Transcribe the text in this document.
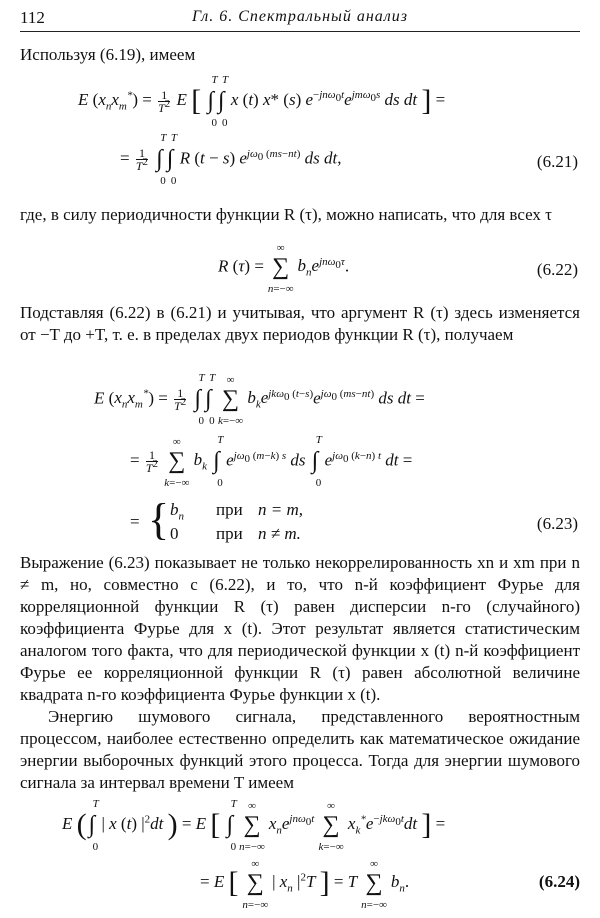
112	Гл. 6. Спектральный анализ

Используя (6.19), имеем

E $(x_nx_m^*) = \frac{1}{T^2}$ E [ ∫
0
T
∫
0
T
x (t) x* (s) $e^{-jn\omega_0t}e^{jm\omega_0s}$ ds dt ] =
= $\frac{1}{T^2}$ ∫
0
T
∫
0
T
R (t − s) $e^{j\omega_0 (ms-nt)}$ ds dt,	(6.21)

где, в силу периодичности функции R (τ), можно написать, что для всех τ

R (τ) = ∑
∞
n=−∞
$b_ne^{jn\omega_0\tau}$.	(6.22)

Подставляя (6.22) в (6.21) и учитывая, что аргумент R (τ) здесь изменяется от −T до +T, т. е. в пределах двух периодов функции R (τ), получаем

E $(x_nx_m^*) = \frac{1}{T^2}$ ∫
0
T
∫
0
T
∑
∞
k=−∞
$b_ke^{jk\omega_0 (t-s)}e^{j\omega_0 (ms-nt)}$ ds dt =
= $\frac{1}{T^2}$ ∑
∞
k=−∞
$b_k$ ∫
0
T
$e^{j\omega_0 (m-k) s}$ ds ∫
0
T
$e^{j\omega_0 (k-n) t}$ dt =
= { $b_n$ при n = m,
0 при n ≠ m.
(6.23)

Выражение (6.23) показывает не только некоррелированность xn и xm при n ≠ m, но, совместно с (6.22), и то, что n-й коэффициент Фурье для корреляционной функции R (τ) равен дисперсии n-го (случайного) коэффициента Фурье для x (t). Этот результат является статистическим аналогом того факта, что для периодической функции x (t) n-й коэффициент Фурье ее корреляционной функции R (τ) равен абсолютной величине квадрата n-го коэффициента Фурье функции x (t).

Энергию шумового сигнала, представленного вероятностным процессом, наиболее естественно определить как математическое ожидание энергии выборочных функций этого процесса. Тогда для энергии шумового сигнала за интервал времени T имеем

E (∫
0
T
| x (t) $|^2dt$ ) = E [ ∫
0
T
∑
∞
n=−∞
$x_ne^{jn\omega_0t}$ ∑
∞
k=−∞
$x_k^*e^{-jk\omega_0t}dt$ ] =
= E [ ∑
∞
n=−∞
| $x_n$ $|^2T$ ] = T ∑
∞
n=−∞
$b_n$.	(6.24)
